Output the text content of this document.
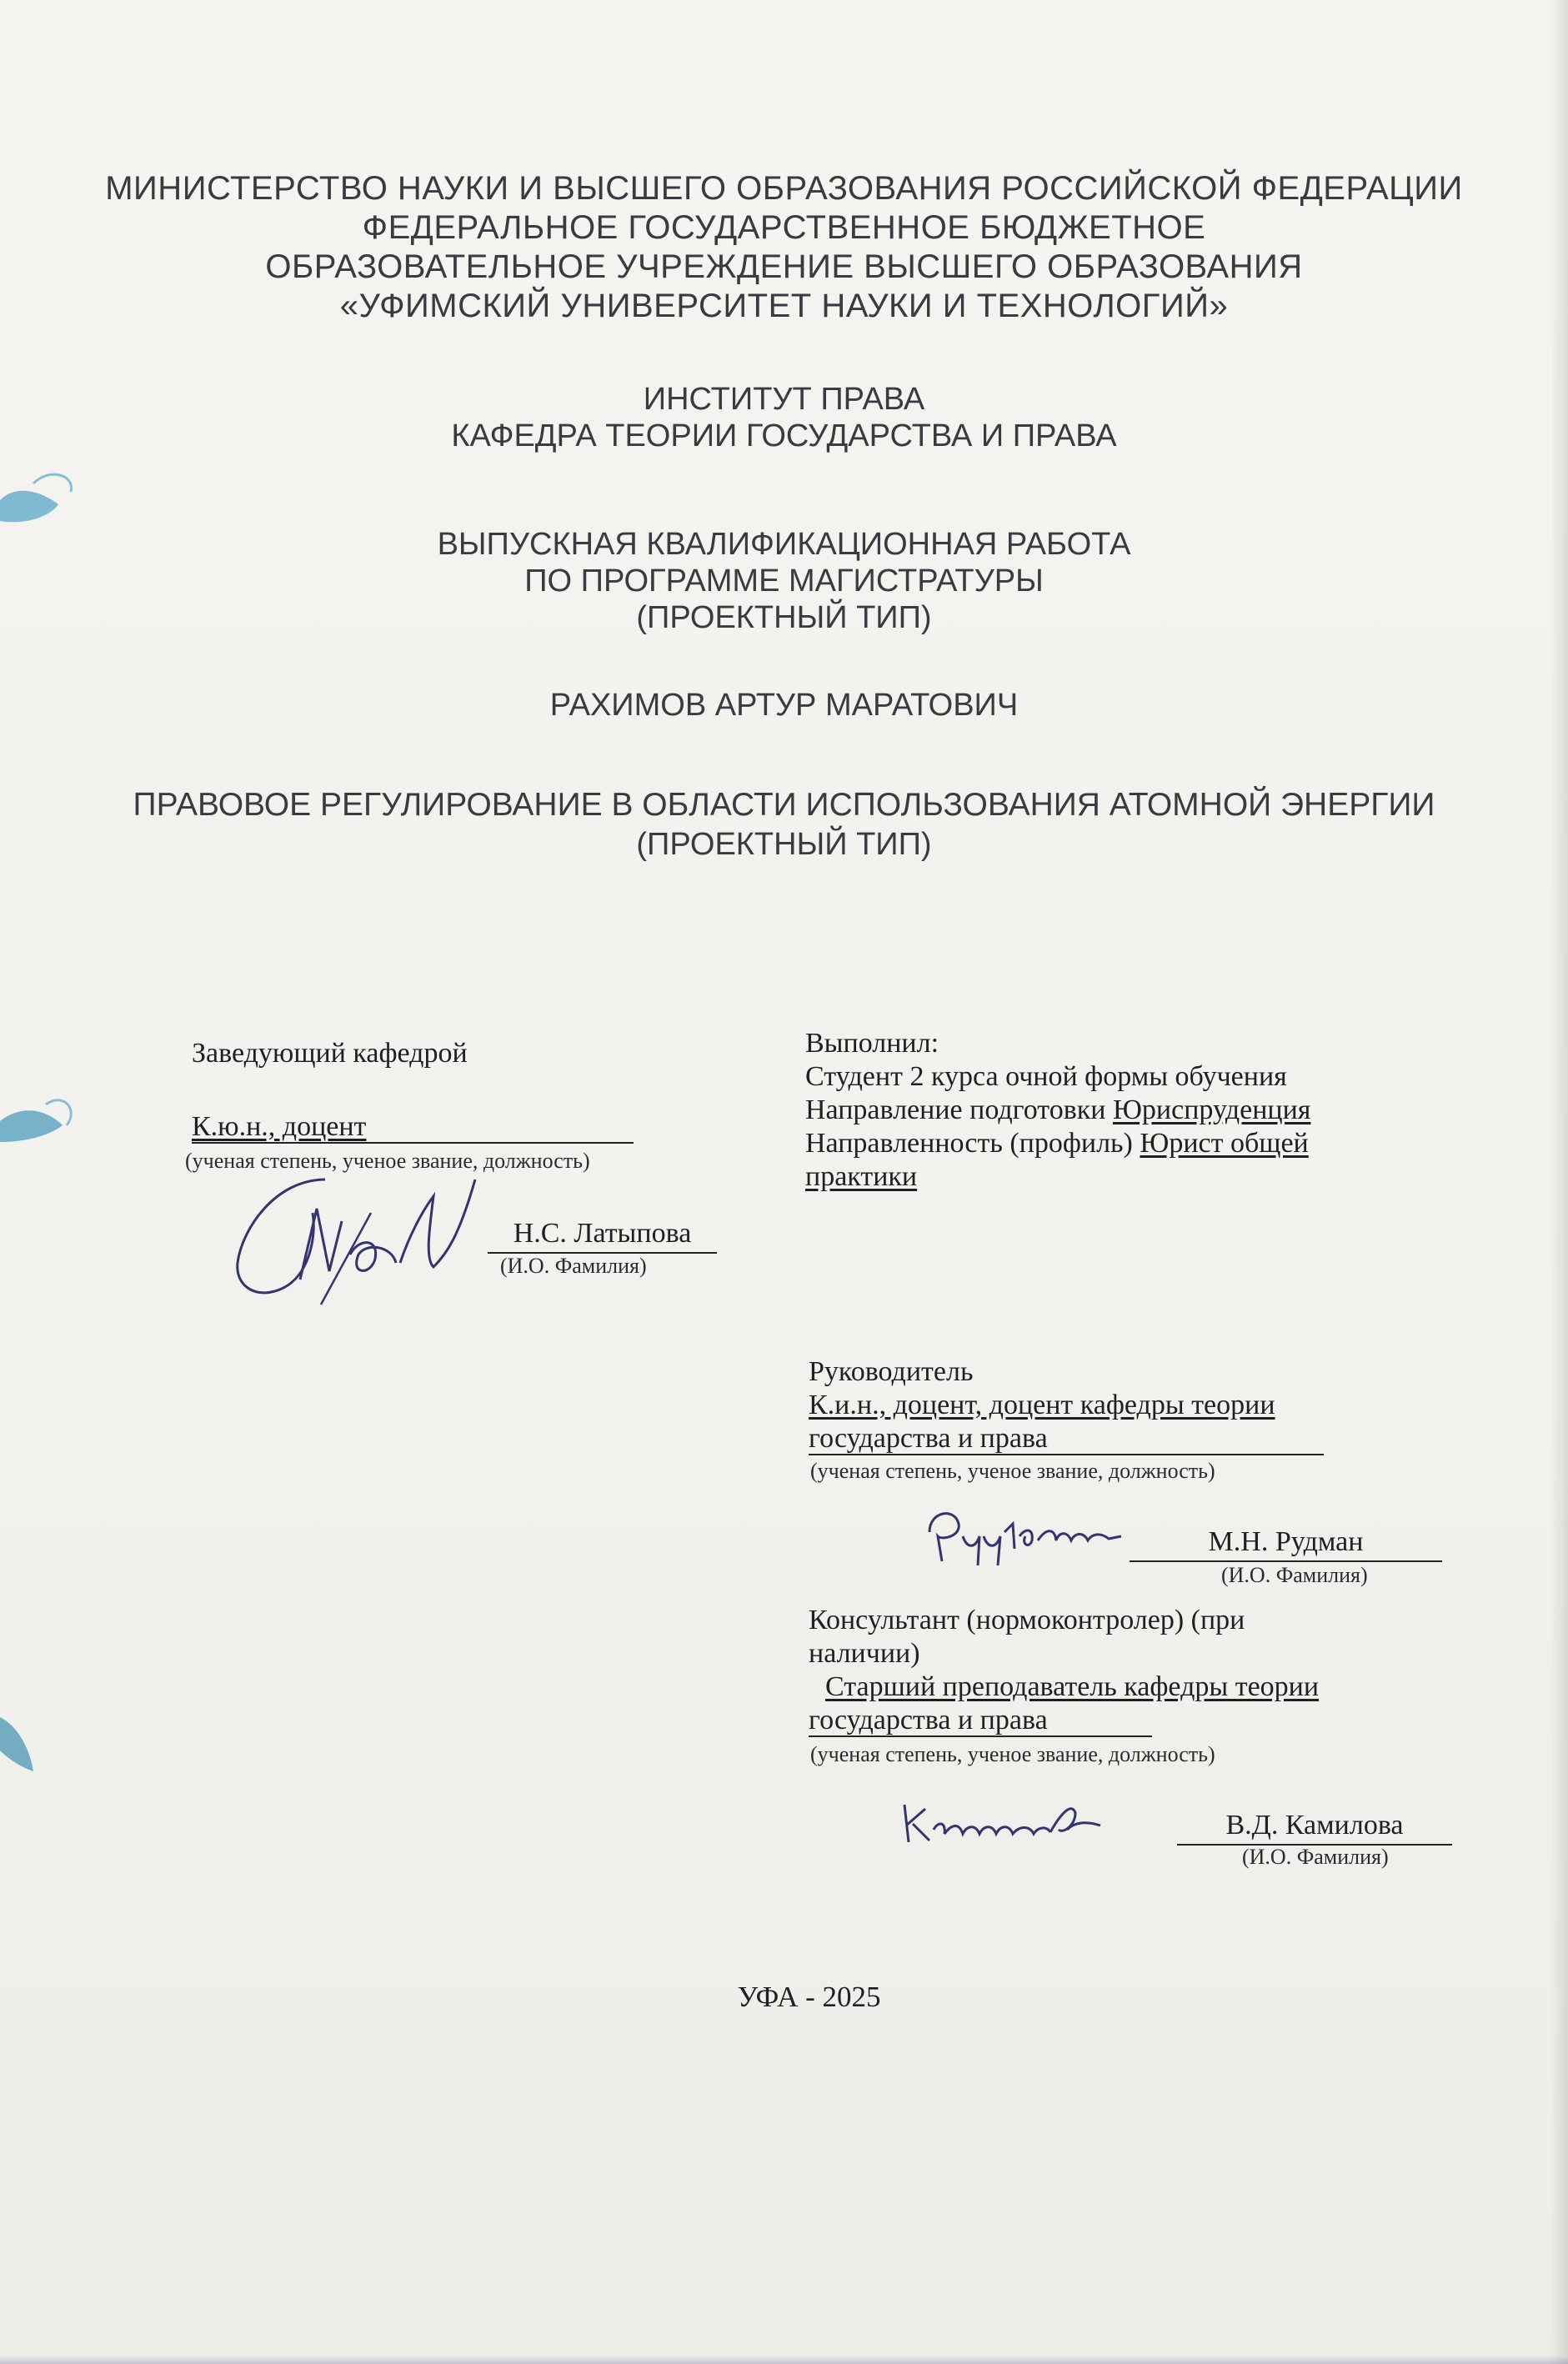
МИНИСТЕРСТВО НАУКИ И ВЫСШЕГО ОБРАЗОВАНИЯ РОССИЙСКОЙ ФЕДЕРАЦИИ
ФЕДЕРАЛЬНОЕ ГОСУДАРСТВЕННОЕ БЮДЖЕТНОЕ
ОБРАЗОВАТЕЛЬНОЕ УЧРЕЖДЕНИЕ ВЫСШЕГО ОБРАЗОВАНИЯ
«УФИМСКИЙ УНИВЕРСИТЕТ НАУКИ И ТЕХНОЛОГИЙ»
ИНСТИТУТ ПРАВА
КАФЕДРА ТЕОРИИ ГОСУДАРСТВА И ПРАВА
ВЫПУСКНАЯ КВАЛИФИКАЦИОННАЯ РАБОТА
ПО ПРОГРАММЕ МАГИСТРАТУРЫ
(ПРОЕКТНЫЙ ТИП)
РАХИМОВ АРТУР МАРАТОВИЧ
ПРАВОВОЕ РЕГУЛИРОВАНИЕ В ОБЛАСТИ ИСПОЛЬЗОВАНИЯ АТОМНОЙ ЭНЕРГИИ
(ПРОЕКТНЫЙ ТИП)
Заведующий кафедрой
К.ю.н., доцент
(ученая степень, ученое звание, должность)
Н.С. Латыпова
(И.О. Фамилия)
Выполнил:
Студент 2 курса очной формы обучения
Направление подготовки Юриспруденция
Направленность (профиль) Юрист общей
практики
Руководитель
К.и.н., доцент, доцент кафедры теории
государства и права
(ученая степень, ученое звание, должность)
М.Н. Рудман
(И.О. Фамилия)
Консультант (нормоконтролер) (при
наличии)
Старший преподаватель кафедры теории
государства и права
(ученая степень, ученое звание, должность)
В.Д. Камилова
(И.О. Фамилия)
УФА - 2025
